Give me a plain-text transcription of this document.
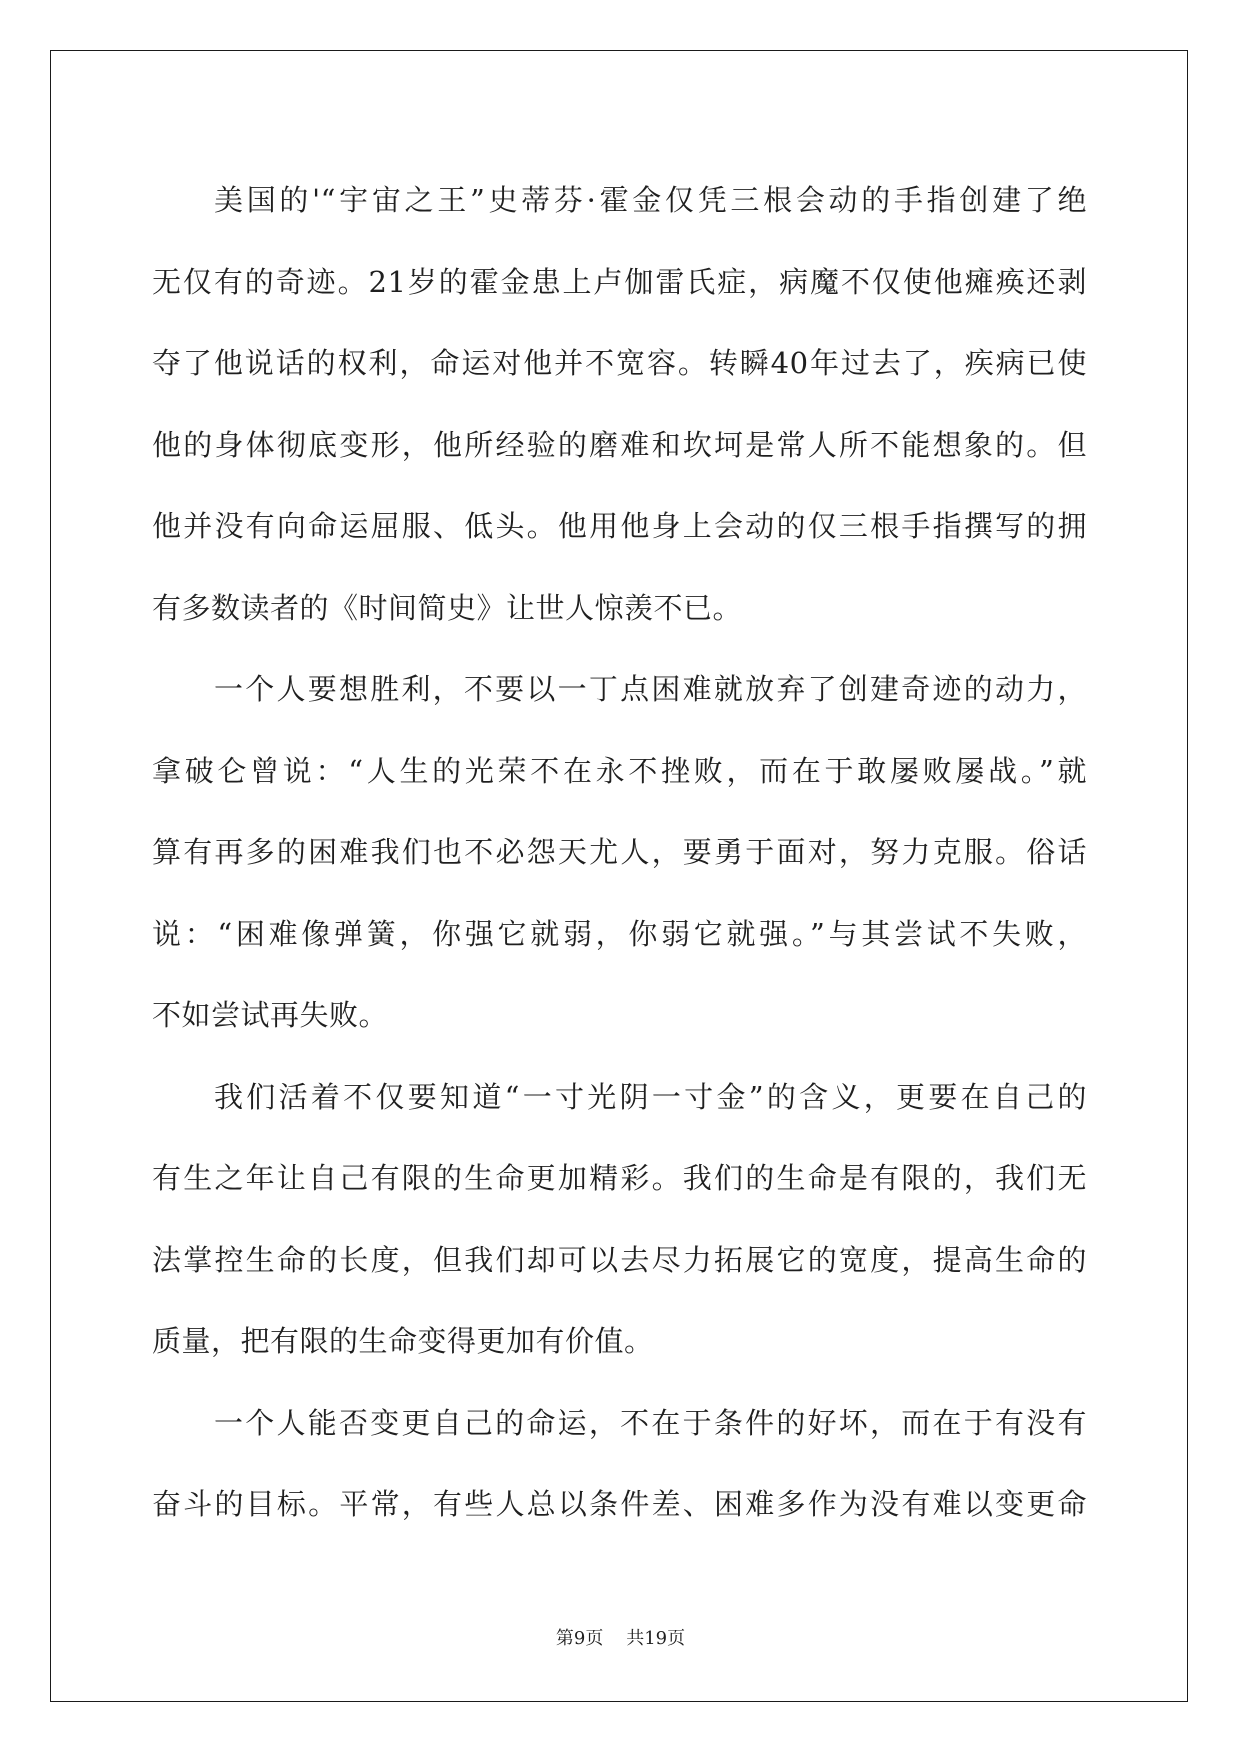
美国的'“宇宙之王”史蒂芬·霍金仅凭三根会动的手指创建了绝
无仅有的奇迹。21岁的霍金患上卢伽雷氏症，病魔不仅使他瘫痪还剥
夺了他说话的权利，命运对他并不宽容。转瞬40年过去了，疾病已使
他的身体彻底变形，他所经验的磨难和坎坷是常人所不能想象的。但
他并没有向命运屈服、低头。他用他身上会动的仅三根手指撰写的拥
有多数读者的《时间简史》让世人惊羡不已。
一个人要想胜利，不要以一丁点困难就放弃了创建奇迹的动力，
拿破仑曾说：“人生的光荣不在永不挫败，而在于敢屡败屡战。”就
算有再多的困难我们也不必怨天尤人，要勇于面对，努力克服。俗话
说：“困难像弹簧，你强它就弱，你弱它就强。”与其尝试不失败，
不如尝试再失败。
我们活着不仅要知道“一寸光阴一寸金”的含义，更要在自己的
有生之年让自己有限的生命更加精彩。我们的生命是有限的，我们无
法掌控生命的长度，但我们却可以去尽力拓展它的宽度，提高生命的
质量，把有限的生命变得更加有价值。
一个人能否变更自己的命运，不在于条件的好坏，而在于有没有
奋斗的目标。平常，有些人总以条件差、困难多作为没有难以变更命
第9页 共19页
